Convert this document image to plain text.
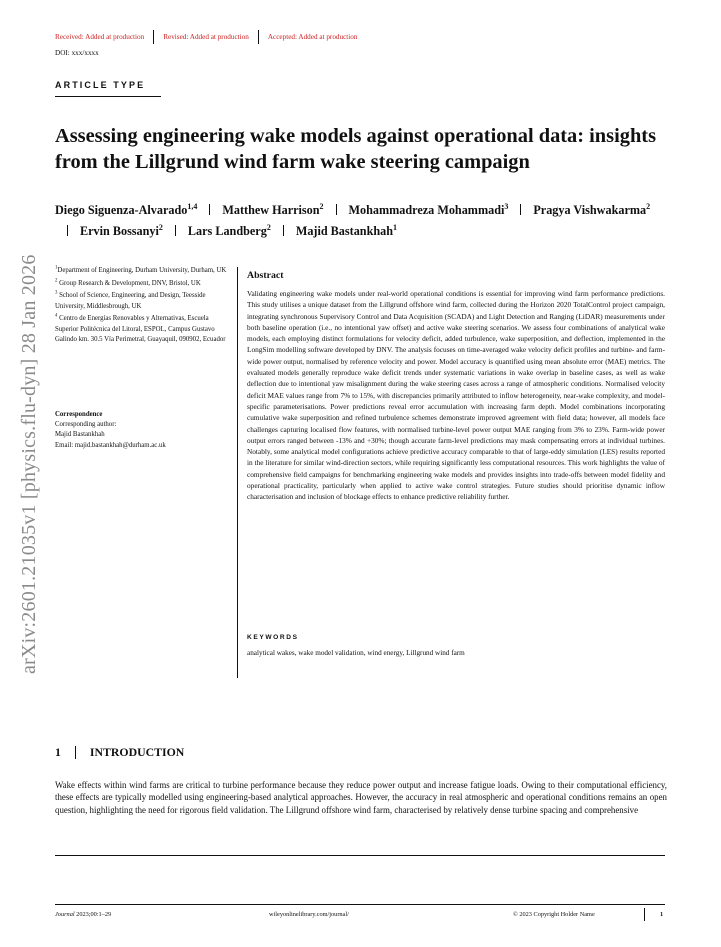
Received: Added at production	Revised: Added at production	Accepted: Added at production
DOI: xxx/xxxx
ARTICLE TYPE
Assessing engineering wake models against operational data: insights from the Lillgrund wind farm wake steering campaign
Diego Siguenza-Alvarado$^{1,4}$ Matthew Harrison$^2$ Mohammadreza Mohammadi$^3$ Pragya Vishwakarma$^2$Ervin Bossanyi$^2$ Lars Landberg$^2$ Majid Bastankhah$^1$
arXiv:2601.21035v1 [physics.flu-dyn] 28 Jan 2026	$^1$Department of Engineering, Durham University, Durham, UK
$^2$ Group Research & Development, DNV, Bristol, UK
$^3$ School of Science, Engineering, and Design, Teesside University, Middlesbrough, UK
$^4$ Centro de Energías Renovables y Alternativas, Escuela Superior Politécnica del Litoral, ESPOL, Campus Gustavo Galindo km. 30.5 Vía Perimetral, Guayaquil, 090902, Ecuador
Correspondence
Corresponding author:
Majid Bastankhah
Email: majid.bastankhah@durham.ac.uk
Abstract

Validating engineering wake models under real-world operational conditions is essential for improving wind farm performance predictions. This study utilises a unique dataset from the Lillgrund offshore wind farm, collected during the Horizon 2020 TotalControl project campaign, integrating synchronous Supervisory Control and Data Acquisition (SCADA) and Light Detection and Ranging (LiDAR) measurements under both baseline operation (i.e., no intentional yaw offset) and active wake steering scenarios. We assess four combinations of analytical wake models, each employing distinct formulations for velocity deficit, added turbulence, wake superposition, and deflection, implemented in the LongSim modelling software developed by DNV. The analysis focuses on time-averaged wake velocity deficit profiles and turbine- and farm-wide power output, normalised by reference velocity and power. Model accuracy is quantified using mean absolute error (MAE) metrics. The evaluated models generally reproduce wake deficit trends under systematic variations in wake overlap in baseline cases, as well as wake deflection due to intentional yaw misalignment during the wake steering cases across a range of atmospheric conditions. Normalised velocity deficit MAE values range from 7% to 15%, with discrepancies primarily attributed to inflow heterogeneity, near-wake complexity, and model-specific parameterisations. Power predictions reveal error accumulation with increasing farm depth. Model combinations incorporating cumulative wake superposition and refined turbulence schemes demonstrate improved agreement with field data; however, all models face challenges capturing localised flow features, with normalised turbine-level power output MAE ranging from 3% to 23%. Farm-wide power output errors ranged between -13% and +30%; though accurate farm-level predictions may mask compensating errors at individual turbines. Notably, some analytical model configurations achieve predictive accuracy comparable to that of large-eddy simulation (LES) results reported in the literature for similar wind-direction sectors, while requiring significantly less computational resources. This work highlights the value of comprehensive field campaigns for benchmarking engineering wake models and provides insights into trade-offs between model fidelity and operational practicality, particularly when applied to active wake control strategies. Future studies should prioritise dynamic inflow characterisation and inclusion of blockage effects to enhance predictive reliability further.

KEYWORDS
analytical wakes, wake model validation, wind energy, Lillgrund wind farm
1 INTRODUCTION

Wake effects within wind farms are critical to turbine performance because they reduce power output and increase fatigue loads. Owing to their computational efficiency, these effects are typically modelled using engineering-based analytical approaches. However, the accuracy in real atmospheric and operational conditions remains an open question, highlighting the need for rigorous field validation. The Lillgrund offshore wind farm, characterised by relatively dense turbine spacing and comprehensive

Journal 2023;00:1–29	wileyonlinelibrary.com/journal/	© 2023 Copyright Holder Name	1
